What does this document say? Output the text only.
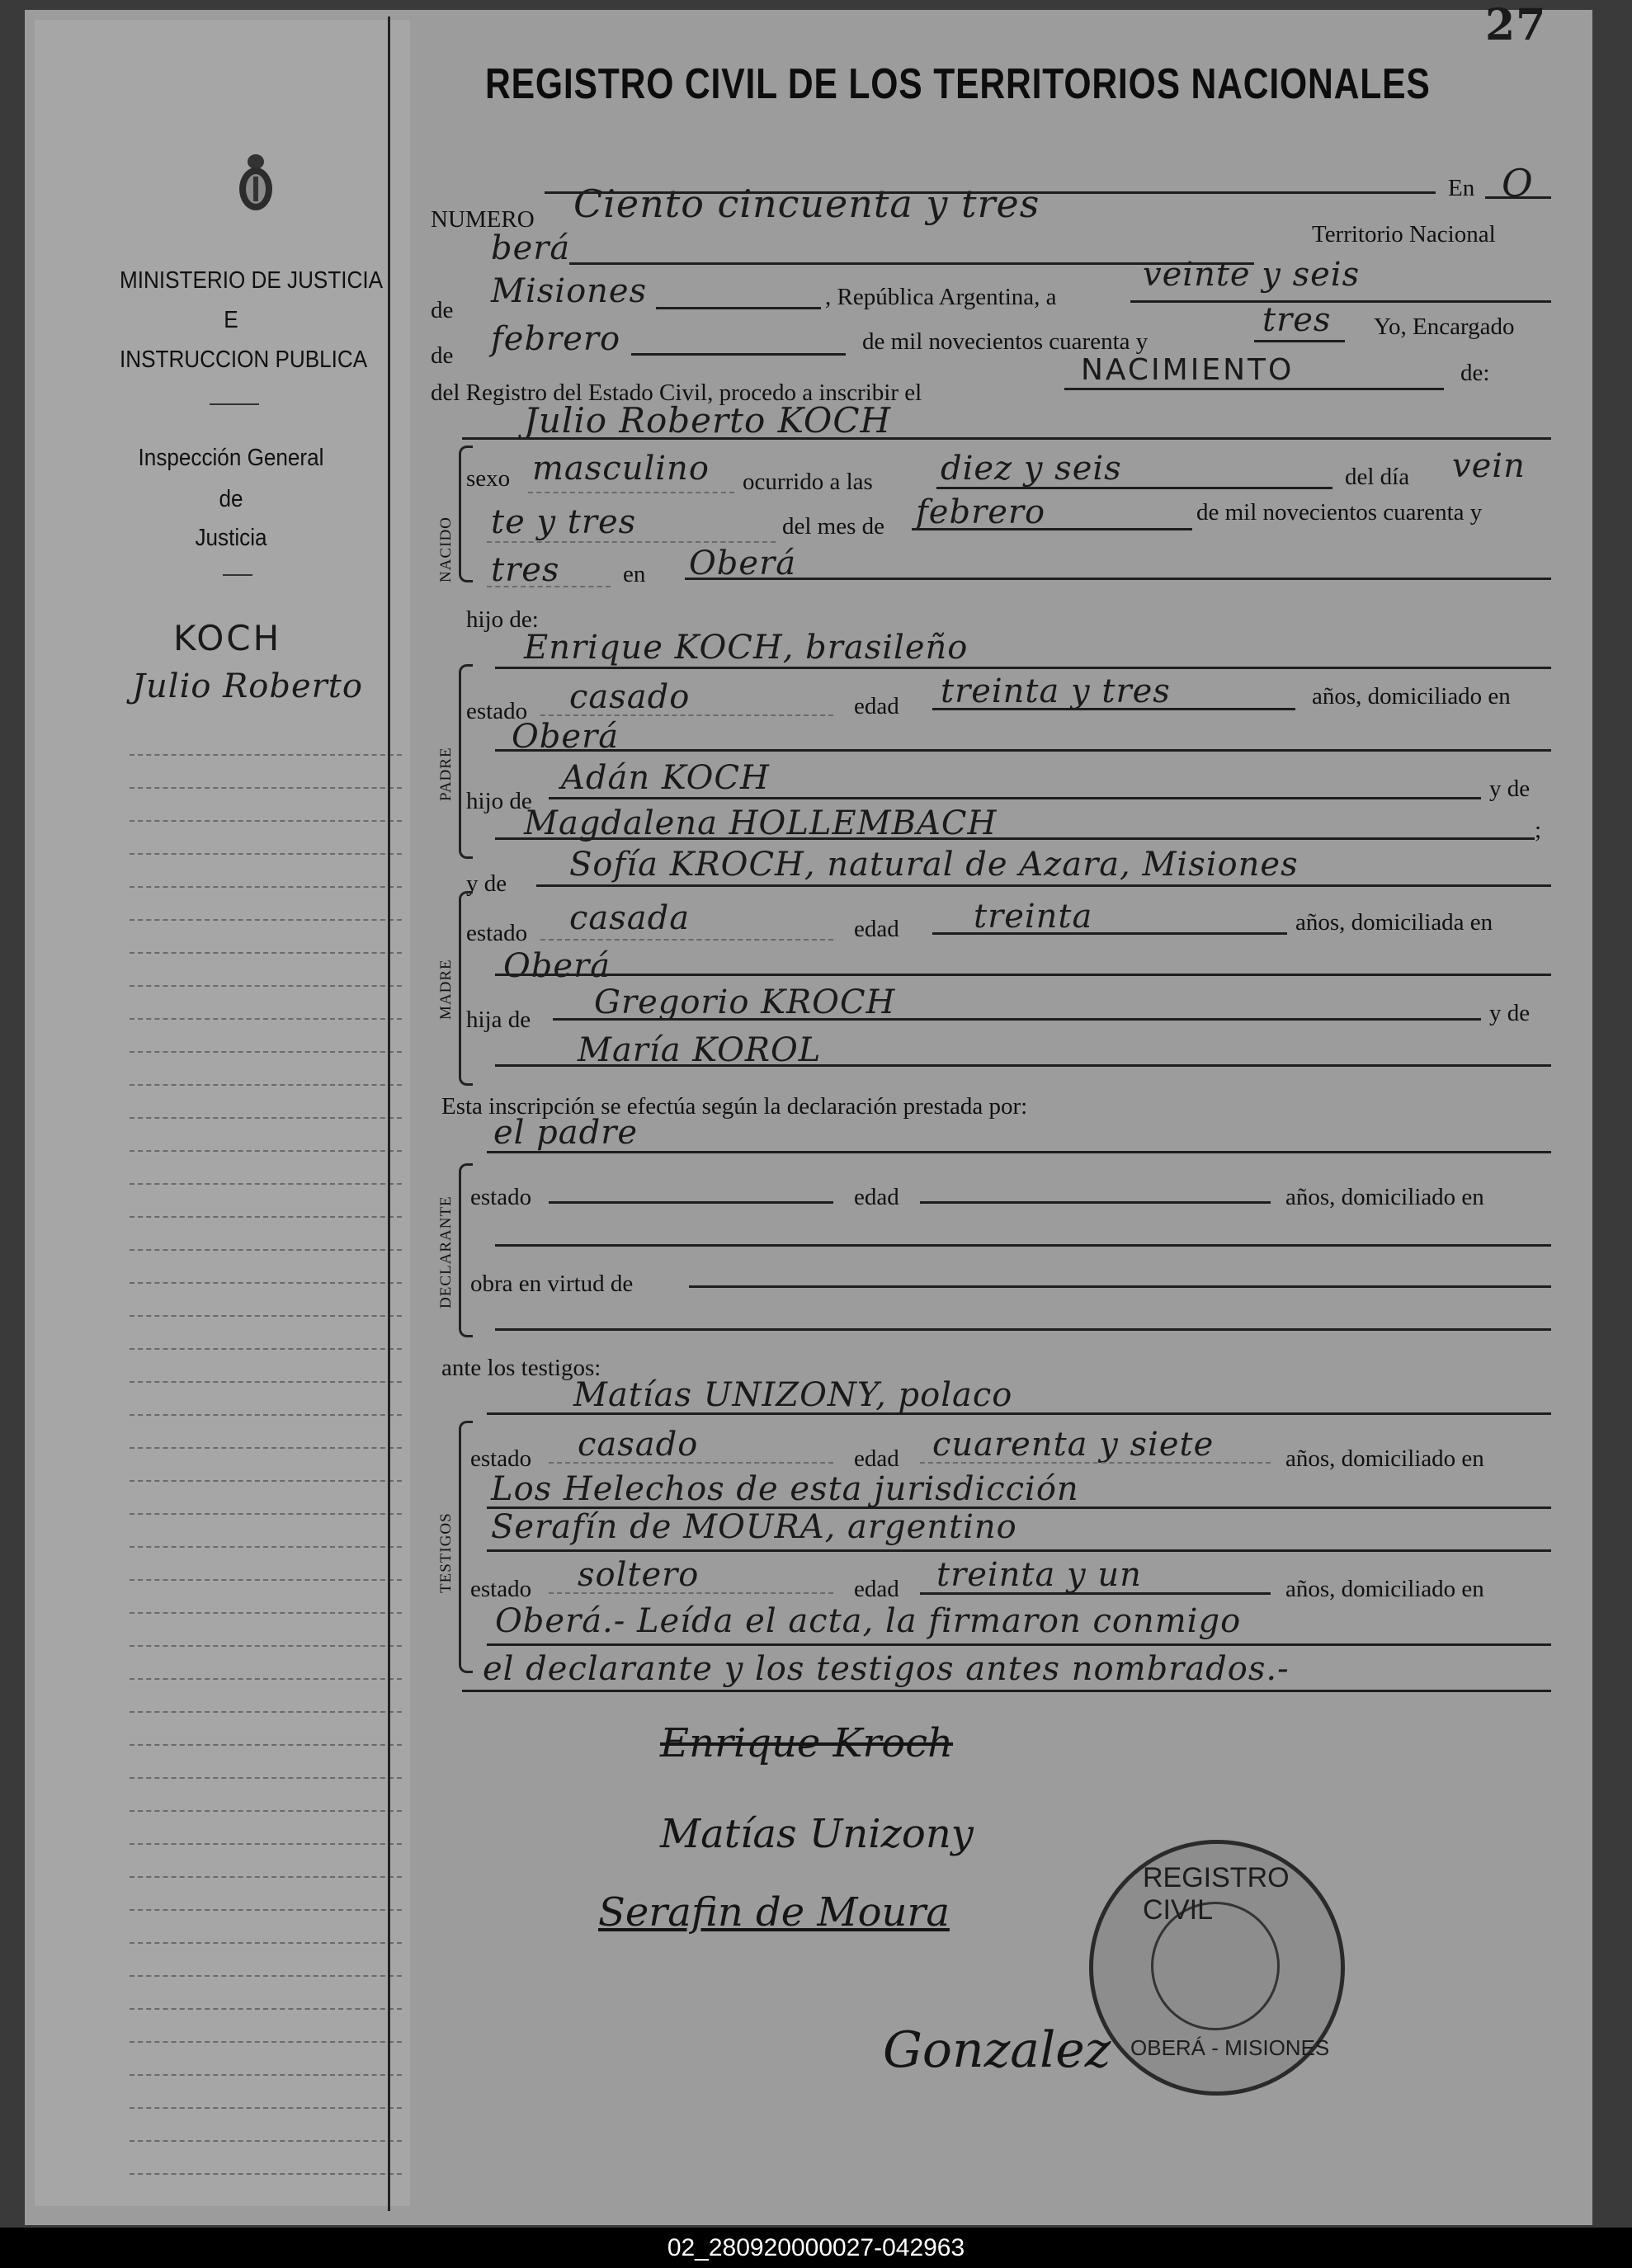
MINISTERIO DE JUSTICIA
E
INSTRUCCION PUBLICA
Inspección General
de
Justicia
KOCH
Julio Roberto
27
REGISTRO CIVIL DE LOS TERRITORIOS NACIONALES
NUMERO Ciento cincuenta y tres	En O
berá	Territorio Nacional
de Misiones	, República Argentina, a
veinte y seis
de febrero	de mil novecientos cuarenta y
tres Yo, Encargado
del Registro del Estado Civil, procedo a inscribir el
NACIMIENTO	de:
Julio Roberto KOCH
NACIDO
sexo masculino ocurrido a las diez y seis	del día vein
te y tres	del mes de febrero	de mil novecientos cuarenta y
tres	en Oberá
hijo de:
PADRE
Enrique KOCH, brasileño
estado casado	edad treinta y tres	años, domiciliado en
Oberá
hijo de
Adán KOCH	y de
Magdalena HOLLEMBACH	;
y de Sofía KROCH, natural de Azara, Misiones
MADRE
estado casada	edad treinta	años, domiciliada en
Oberá
hija de Gregorio KROCH	y de
María KOROL
Esta inscripción se efectúa según la declaración prestada por:
el padre
DECLARANTE estado	edad	años, domiciliado en
obra en virtud de
ante los testigos:
Matías UNIZONY, polaco
TESTIGOS
estado casado	edad cuarenta y siete	años, domiciliado en
Los Helechos de esta jurisdicción
Serafín de MOURA, argentino
estado soltero	edad treinta y un	años, domiciliado en
Oberá.- Leída el acta, la firmaron conmigo
el declarante y los testigos antes nombrados.-
Enrique Kroch
Matías Unizony
Serafin de Moura
REGISTRO CIVIL
OBERÁ - MISIONES
Gonzalez
02_280920000027-042963
